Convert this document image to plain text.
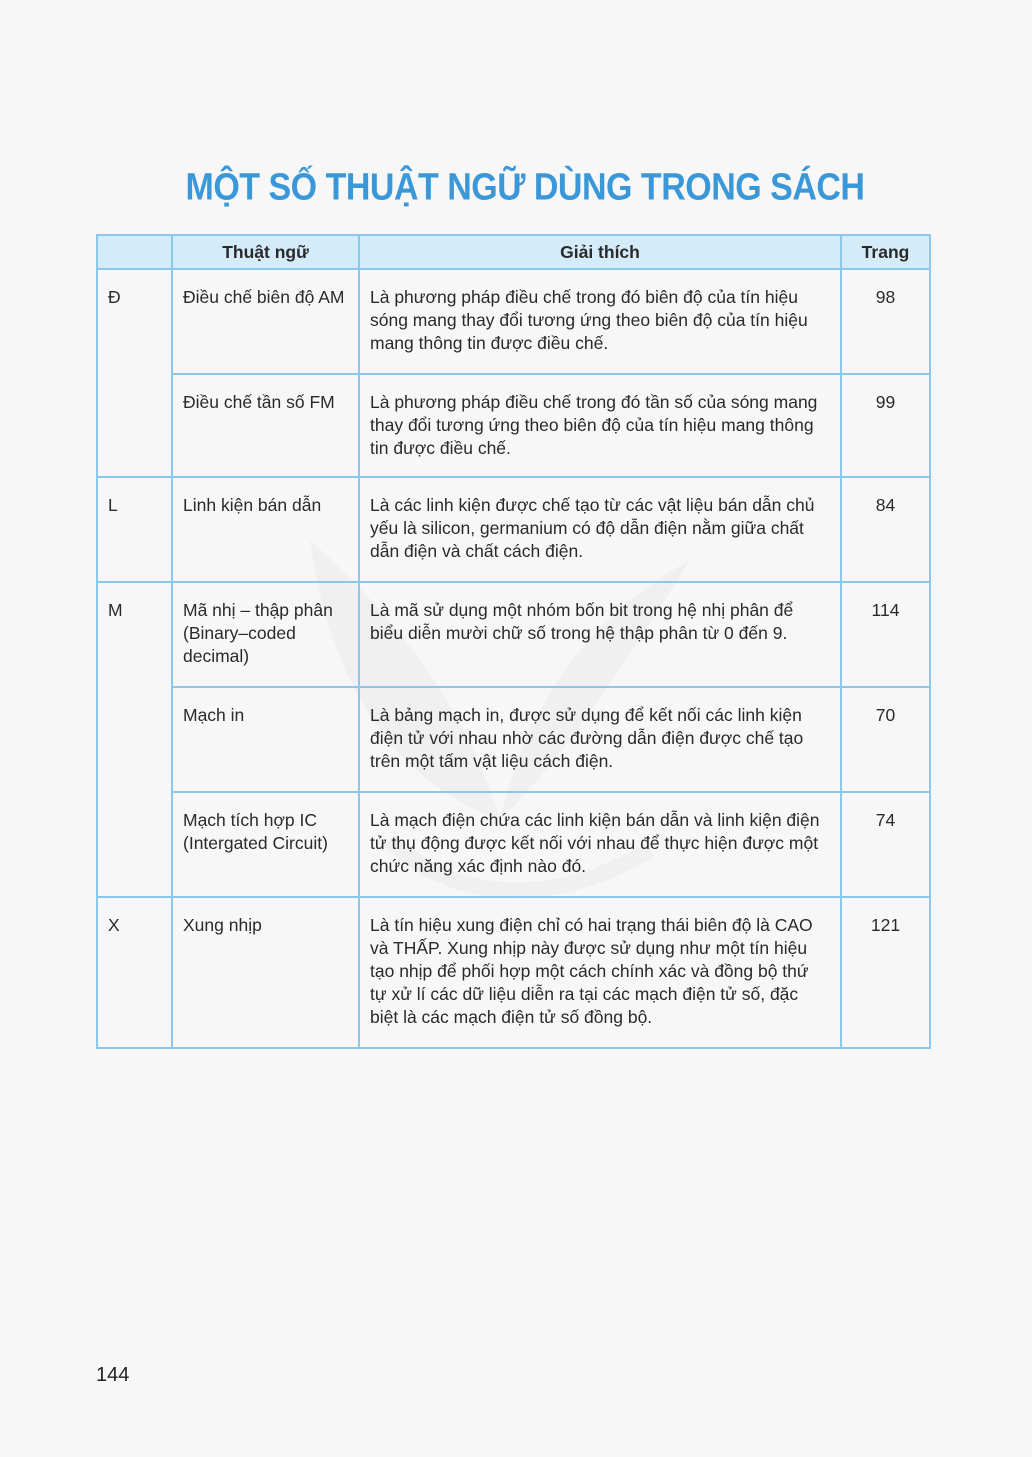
MỘT SỐ THUẬT NGỮ DÙNG TRONG SÁCH
	Thuật ngữ	Giải thích	Trang
Đ	Điều chế biên độ AM	Là phương pháp điều chế trong đó biên độ của tín hiệu sóng mang thay đổi tương ứng theo biên độ của tín hiệu mang thông tin được điều chế.	98
	Điều chế tần số FM	Là phương pháp điều chế trong đó tần số của sóng mang thay đổi tương ứng theo biên độ của tín hiệu mang thông tin được điều chế.	99
L	Linh kiện bán dẫn	Là các linh kiện được chế tạo từ các vật liệu bán dẫn chủ yếu là silicon, germanium có độ dẫn điện nằm giữa chất dẫn điện và chất cách điện.	84
M	Mã nhị – thập phân (Binary–coded decimal)	Là mã sử dụng một nhóm bốn bit trong hệ nhị phân để biểu diễn mười chữ số trong hệ thập phân từ 0 đến 9.	114
	Mạch in	Là bảng mạch in, được sử dụng để kết nối các linh kiện điện tử với nhau nhờ các đường dẫn điện được chế tạo trên một tấm vật liệu cách điện.	70
	Mạch tích hợp IC (Intergated Circuit)	Là mạch điện chứa các linh kiện bán dẫn và linh kiện điện tử thụ động được kết nối với nhau để thực hiện được một chức năng xác định nào đó.	74
X	Xung nhịp	Là tín hiệu xung điện chỉ có hai trạng thái biên độ là CAO và THẤP. Xung nhịp này được sử dụng như một tín hiệu tạo nhịp để phối hợp một cách chính xác và đồng bộ thứ tự xử lí các dữ liệu diễn ra tại các mạch điện tử số, đặc biệt là các mạch điện tử số đồng bộ.	121
144
